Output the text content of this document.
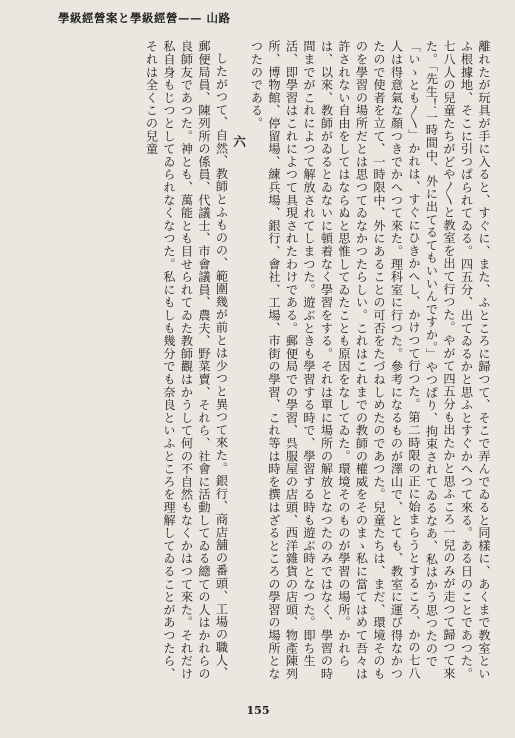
學級經營案と學級經營—— 山路

離れたが玩具が手に入ると、すぐに、また、ふところに歸つて、そこで弄んでゐると同樣に、あくまで教室といふ根據地、そこに引つぱられてゐる。四五分、出てゐるかと思ふとすぐかへつて來る。ある日のことであつた。七八人の兒童たちがどや〳〵と教室を出て行つた。やがて四五分も出たかと思ふころ一兒のみが走つて歸つて來た。「先生！一時間中、外に出てるてもいいんですか。」やつぱり、拘束されてゐるなあ、私はかう思つたので「いゝとも〳〵」かれは、すぐにひきかへし、かけつて行つた。第二時限の正に始まらうとするころ、かの七八人は得意氣な顏つきでかへつて來た。理科室に行つた。參考になるものが澤山で、とても、教室に運び得なかつたので使者を立て、一時限中、外にあることの可否をたづねしめたのであつた。兒童たちは、まだ、環境そのものを學習の場所だとは思つてゐなかつたらしい。これはこれまでの教師の權威をそのまゝ私に當てはめて吾々は許されない自由をしてはならぬと思惟してゐたことも原因をなしてゐた。環境そのものが學習の場所。かれらは、以來、教師がゐるとゐないに頓着なく學習をする。それは單に場所の解放となつたのみではなく、學習の時間までがこれによつて解放されてしまつた。遊ぶときも學習する時で、學習する時も遊ぶ時となつた。即ち生活、即學習はこれによつて具現されたわけである。郵便局での學習、呉服屋の店頭、西洋雜貨の店頭、物產陳列所、博物館、停留場、練兵場、銀行、會社、工場、市街の學習、これ等は時を撰はざるところの學習の場所となつたのである。

六

したがつて、自然、教師とふものの、範圍幾が前とは少つと異つて來た。銀行、商店舖の番頭、工場の職人、郵便局員、陳列所の係員、代議士、市會議員、農夫、野菜賣、それら、社會に活動してゐる總ての人はかれらの良師友であつた。神とも、萬能とも目せられてゐた教師觀はかうして何の不自然もなくかはつて來た。それだけ私自身もじつとしてゐられなくなつた。私にもしも幾分でも奈良といふところを理解してゐることがあつたら、それは全くこの兒童

155
